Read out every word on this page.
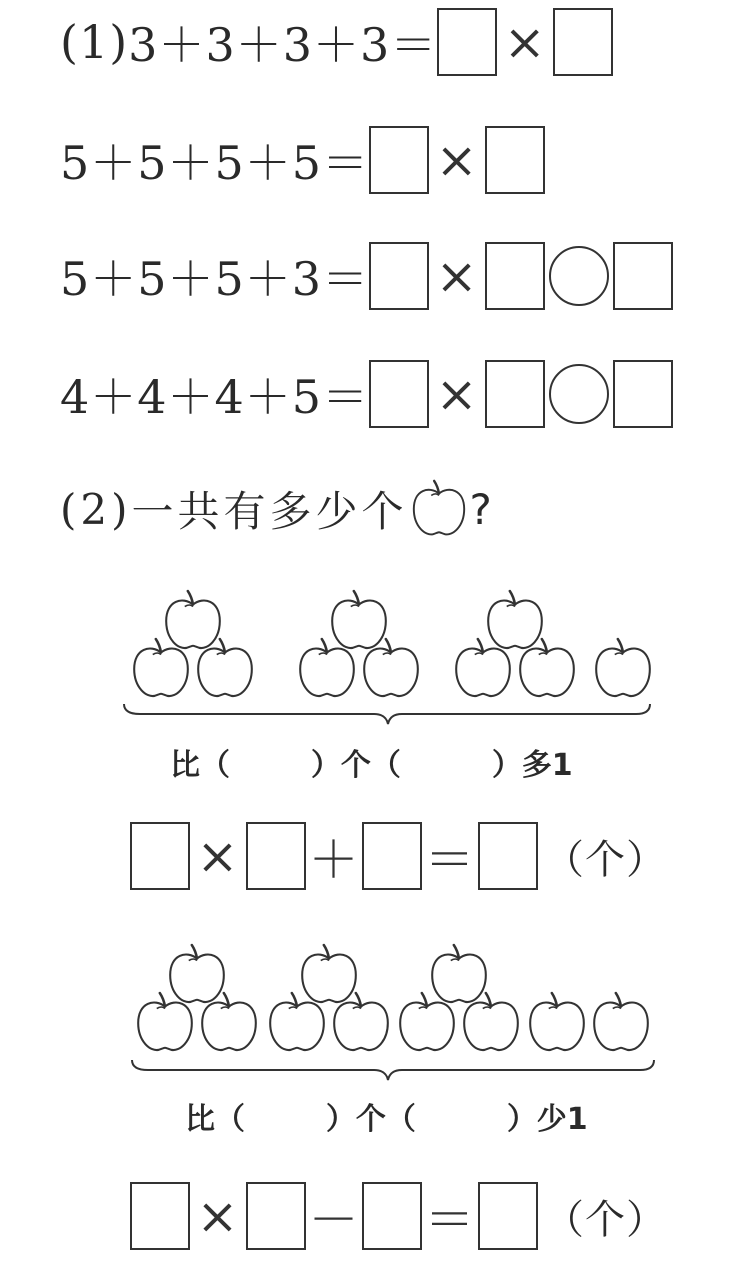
(1) 3＋3＋3＋3＝ ×
5＋5＋5＋5＝ ×
5＋5＋5＋3＝ ×
4＋4＋4＋5＝ ×
(2) 一共有多少个 ?
比（	）个（	）多1
× ＋ ＝ （个）
比（	）个（	）少1
× － ＝ （个）
